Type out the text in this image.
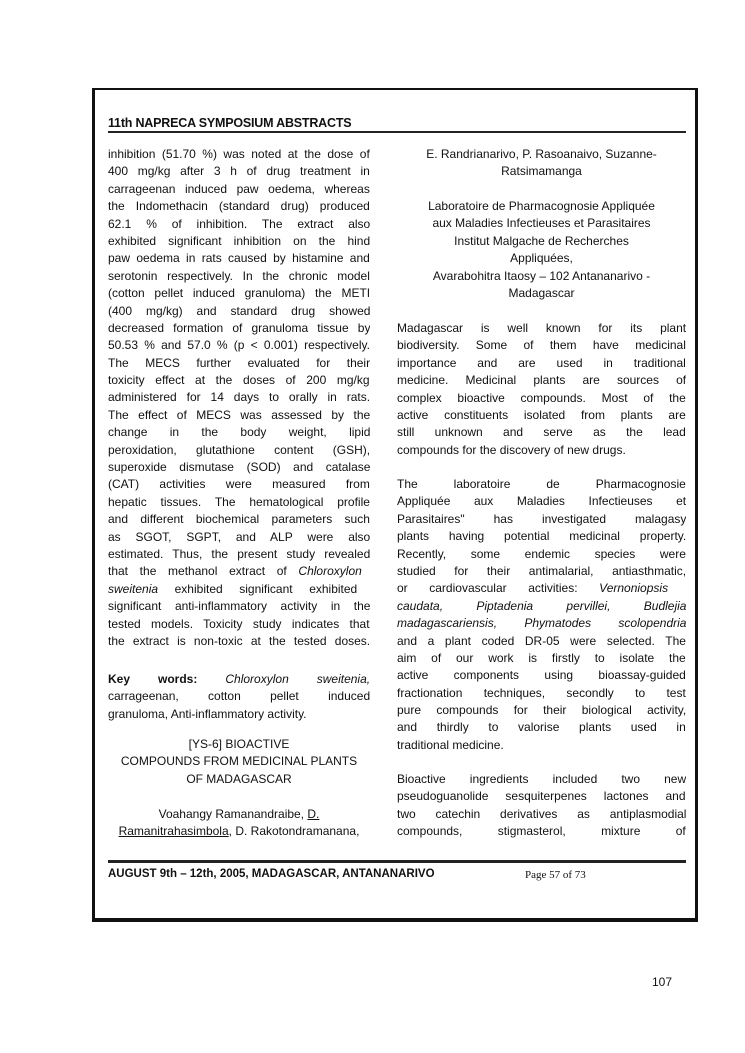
11th NAPRECA SYMPOSIUM ABSTRACTS
inhibition (51.70 %) was noted at the dose of
400 mg/kg after 3 h of drug treatment in
carrageenan induced paw oedema, whereas
the Indomethacin (standard drug) produced
62.1 % of inhibition. The extract also
exhibited significant inhibition on the hind
paw oedema in rats caused by histamine and
serotonin respectively. In the chronic model
(cotton pellet induced granuloma) the METI
(400 mg/kg) and standard drug showed
decreased formation of granuloma tissue by
50.53 % and 57.0 % (p < 0.001) respectively.
The MECS further evaluated for their
toxicity effect at the doses of 200 mg/kg
administered for 14 days to orally in rats.
The effect of MECS was assessed by the
change in the body weight, lipid
peroxidation, glutathione content (GSH),
superoxide dismutase (SOD) and catalase
(CAT) activities were measured from
hepatic tissues. The hematological profile
and different biochemical parameters such
as SGOT, SGPT, and ALP were also
estimated. Thus, the present study revealed
that the methanol extract of Chloroxylon
sweitenia exhibited significant exhibited
significant anti-inflammatory activity in the
tested models. Toxicity study indicates that
the extract is non-toxic at the tested doses.
Key words: Chloroxylon sweitenia,
carrageenan, cotton pellet induced
granuloma, Anti-inflammatory activity.
[YS-6] BIOACTIVE
COMPOUNDS FROM MEDICINAL PLANTS
OF MADAGASCAR
Voahangy Ramanandraibe, D.
Ramanitrahasimbola, D. Rakotondramanana,
E. Randrianarivo, P. Rasoanaivo, Suzanne-
Ratsimamanga
Laboratoire de Pharmacognosie Appliquée
aux Maladies Infectieuses et Parasitaires
Institut Malgache de Recherches
Appliquées,
Avarabohitra Itaosy – 102 Antananarivo -
Madagascar
Madagascar is well known for its plant
biodiversity. Some of them have medicinal
importance and are used in traditional
medicine. Medicinal plants are sources of
complex bioactive compounds. Most of the
active constituents isolated from plants are
still unknown and serve as the lead
compounds for the discovery of new drugs.
The laboratoire de Pharmacognosie
Appliquée aux Maladies Infectieuses et
Parasitaires" has investigated malagasy
plants having potential medicinal property.
Recently, some endemic species were
studied for their antimalarial, antiasthmatic,
or cardiovascular activities: Vernoniopsis
caudata, Piptadenia pervillei, Budlejia
madagascariensis, Phymatodes scolopendria
and a plant coded DR-05 were selected. The
aim of our work is firstly to isolate the
active components using bioassay-guided
fractionation techniques, secondly to test
pure compounds for their biological activity,
and thirdly to valorise plants used in
traditional medicine.
Bioactive ingredients included two new
pseudoguanolide sesquiterpenes lactones and
two catechin derivatives as antiplasmodial
compounds, stigmasterol, mixture of
AUGUST 9th – 12th, 2005, MADAGASCAR, ANTANANARIVO	Page 57 of 73
107
